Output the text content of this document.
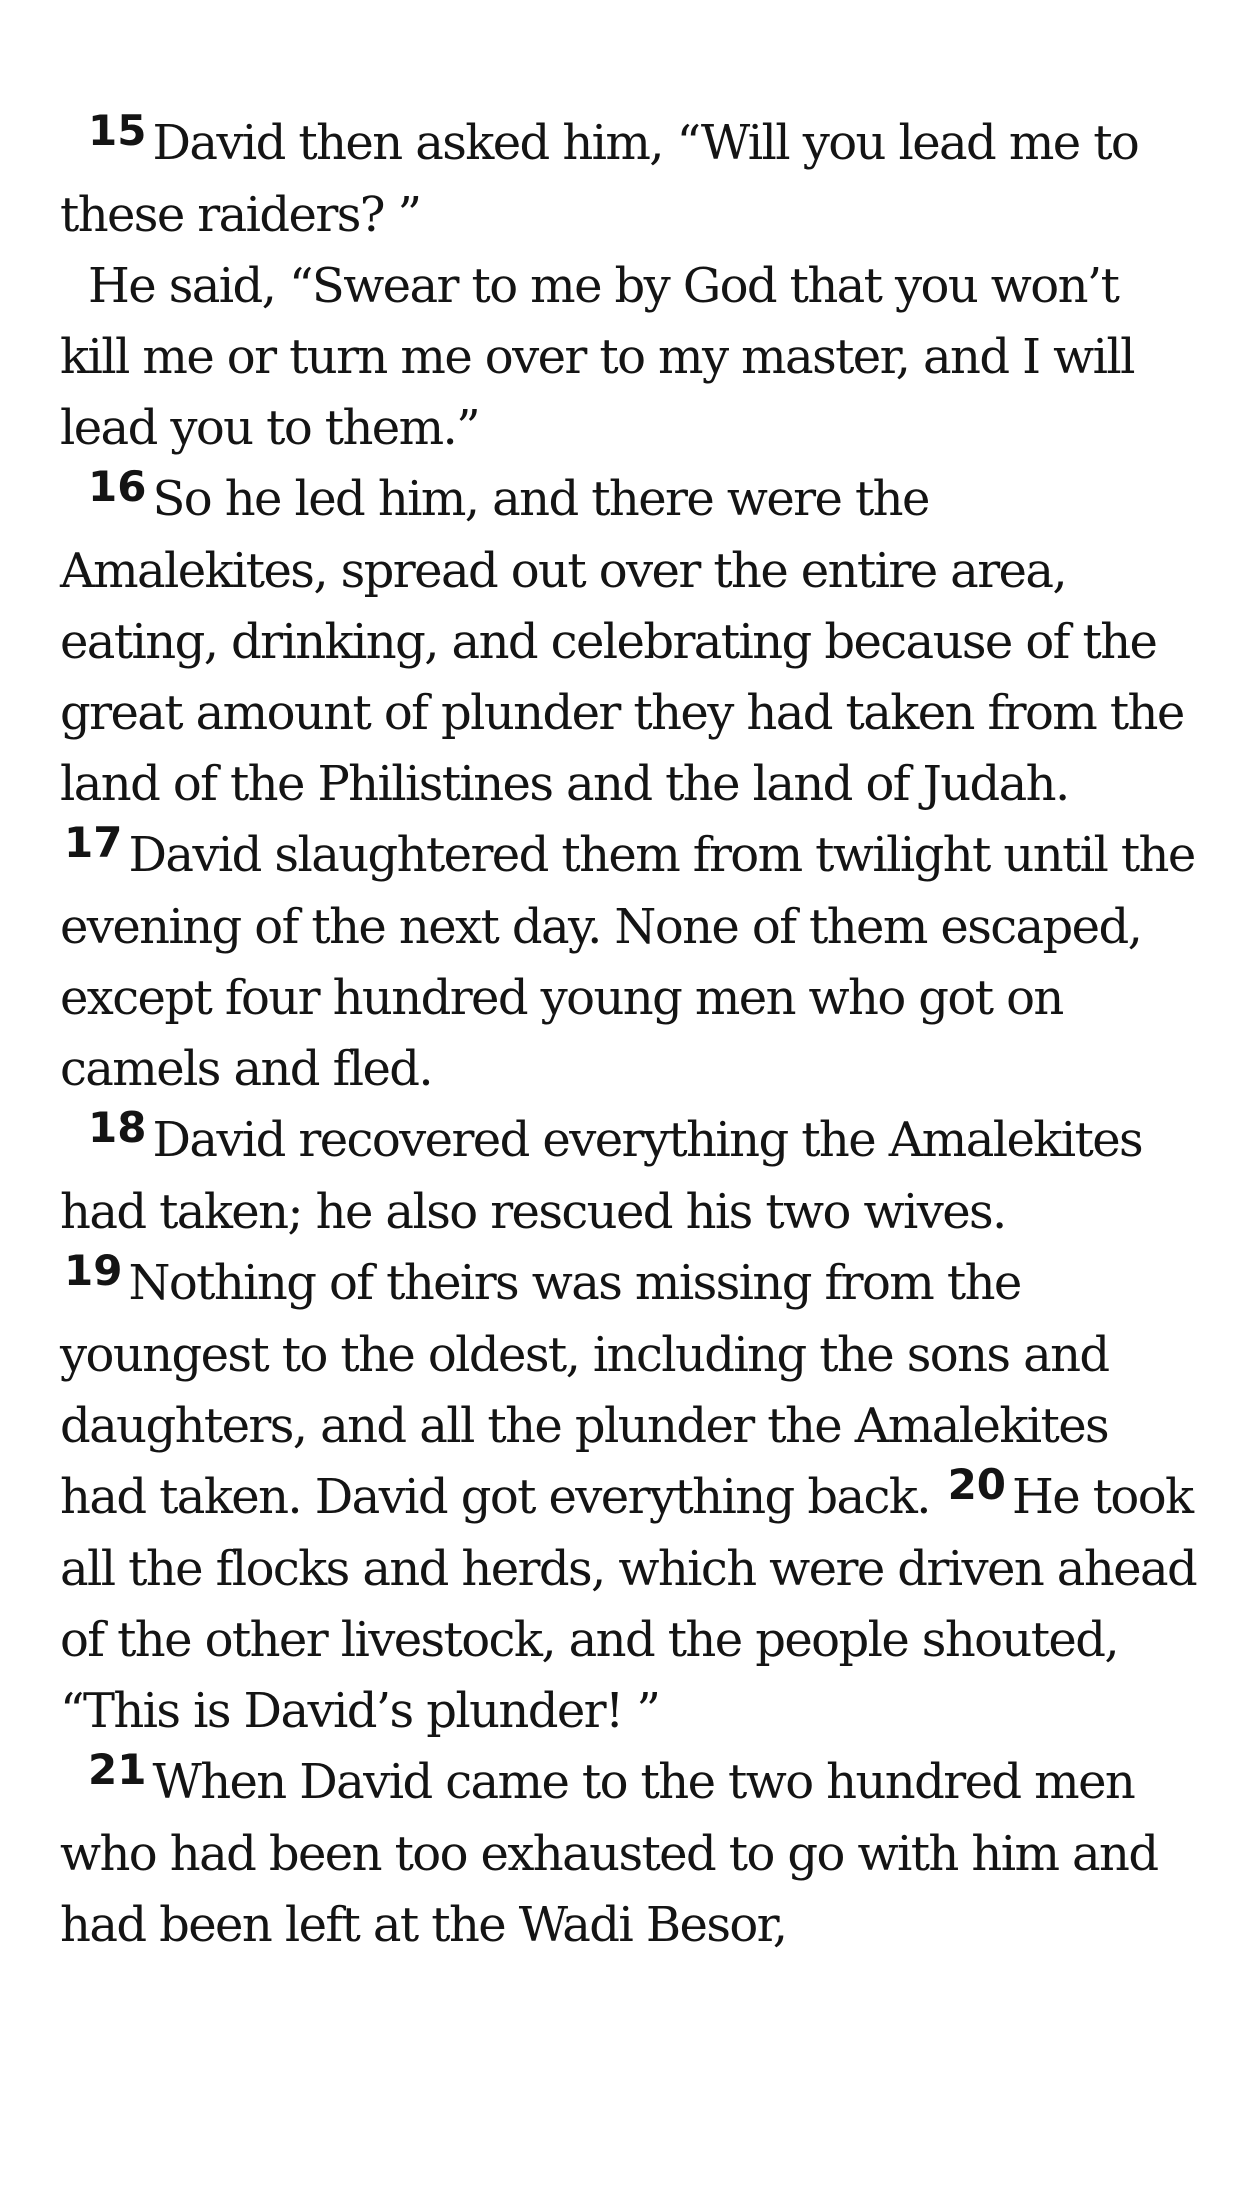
15 David then asked him, “Will you lead me to these raiders? ”

He said, “Swear to me by God that you won’t kill me or turn me over to my master, and I will lead you to them.”

16 So he led him, and there were the Amalekites, spread out over the entire area, eating, drinking, and celebrating because of the great amount of plunder they had taken from the land of the Philistines and the land of Judah. 17 David slaughtered them from twilight until the evening of the next day. None of them escaped, except four hundred young men who got on camels and fled.

18 David recovered everything the Amalekites had taken; he also rescued his two wives. 19 Nothing of theirs was missing from the youngest to the oldest, including the sons and daughters, and all the plunder the Amalekites had taken. David got everything back. 20 He took all the flocks and herds, which were driven ahead of the other livestock, and the people shouted, “This is David’s plunder! ”

21 When David came to the two hundred men who had been too exhausted to go with him and had been left at the Wadi Besor,
